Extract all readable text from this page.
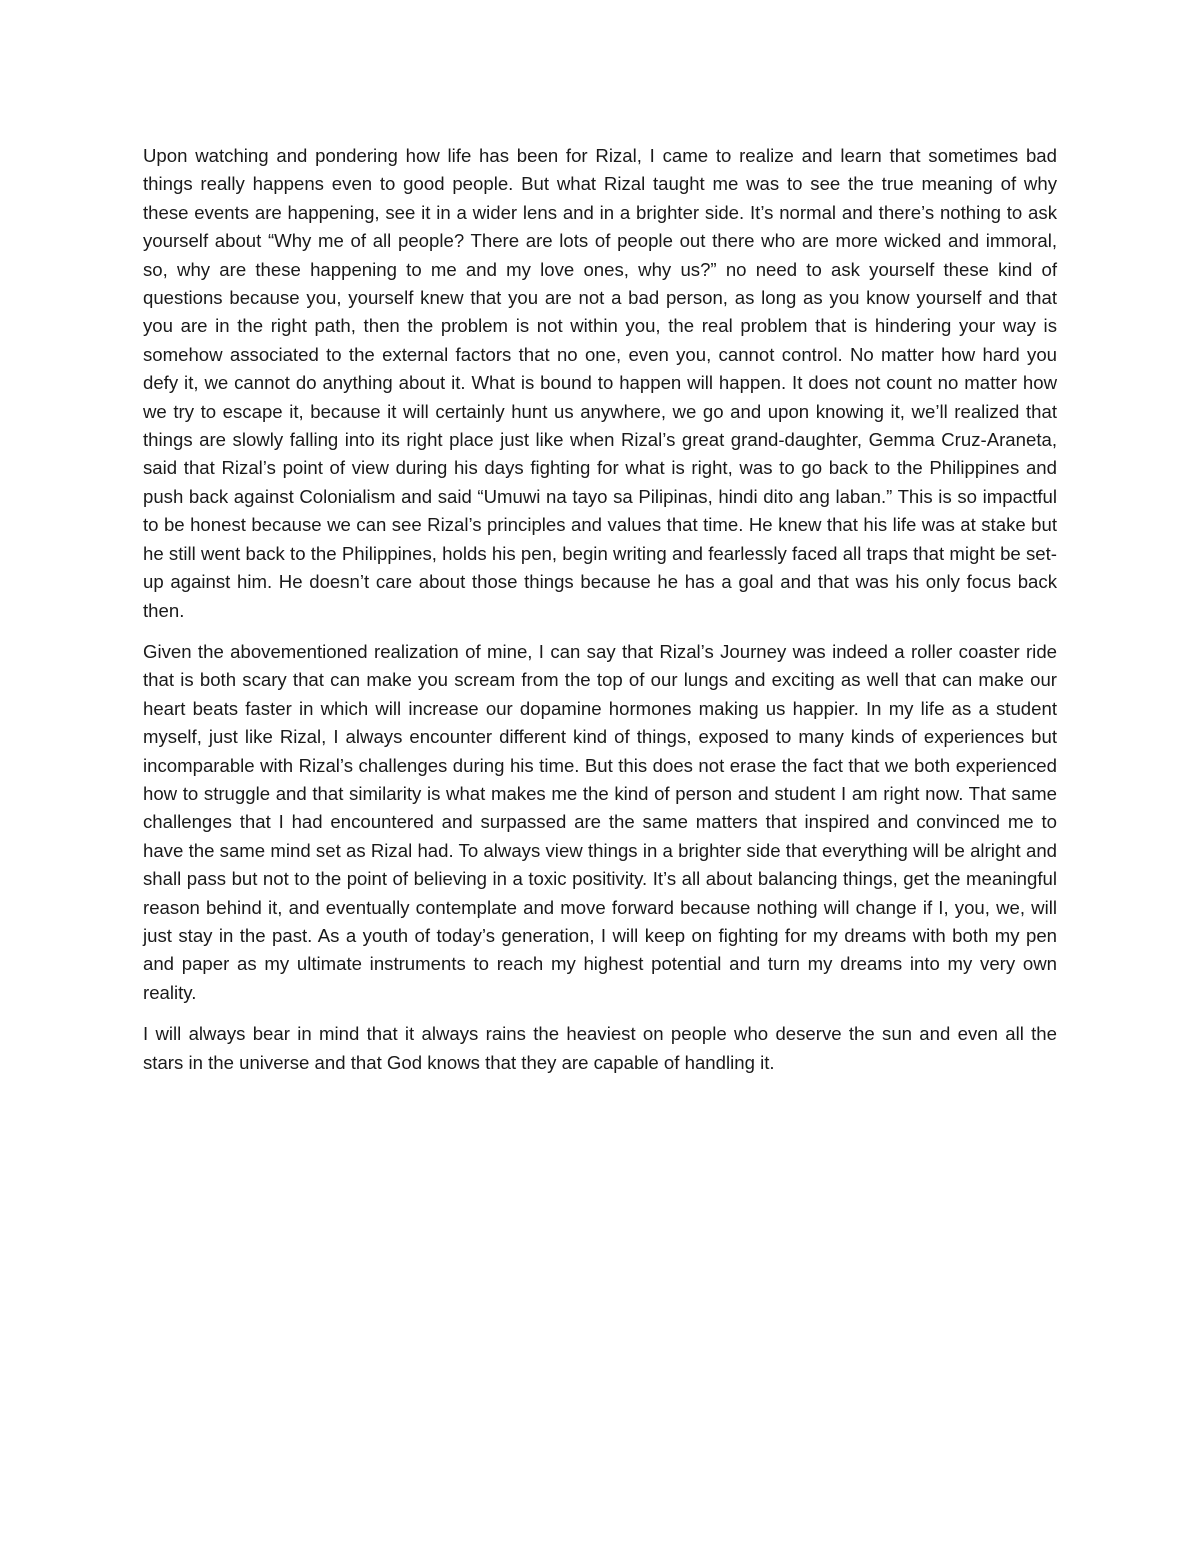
Upon watching and pondering how life has been for Rizal, I came to realize and learn that sometimes bad things really happens even to good people. But what Rizal taught me was to see the true meaning of why these events are happening, see it in a wider lens and in a brighter side. It’s normal and there’s nothing to ask yourself about “Why me of all people? There are lots of people out there who are more wicked and immoral, so, why are these happening to me and my love ones, why us?” no need to ask yourself these kind of questions because you, yourself knew that you are not a bad person, as long as you know yourself and that you are in the right path, then the problem is not within you, the real problem that is hindering your way is somehow associated to the external factors that no one, even you, cannot control. No matter how hard you defy it, we cannot do anything about it. What is bound to happen will happen. It does not count no matter how we try to escape it, because it will certainly hunt us anywhere, we go and upon knowing it, we’ll realized that things are slowly falling into its right place just like when Rizal’s great grand-daughter, Gemma Cruz-Araneta, said that Rizal’s point of view during his days fighting for what is right, was to go back to the Philippines and push back against Colonialism and said “Umuwi na tayo sa Pilipinas, hindi dito ang laban.” This is so impactful to be honest because we can see Rizal’s principles and values that time. He knew that his life was at stake but he still went back to the Philippines, holds his pen, begin writing and fearlessly faced all traps that might be set-up against him. He doesn’t care about those things because he has a goal and that was his only focus back then.

Given the abovementioned realization of mine, I can say that Rizal’s Journey was indeed a roller coaster ride that is both scary that can make you scream from the top of our lungs and exciting as well that can make our heart beats faster in which will increase our dopamine hormones making us happier. In my life as a student myself, just like Rizal, I always encounter different kind of things, exposed to many kinds of experiences but incomparable with Rizal’s challenges during his time. But this does not erase the fact that we both experienced how to struggle and that similarity is what makes me the kind of person and student I am right now. That same challenges that I had encountered and surpassed are the same matters that inspired and convinced me to have the same mind set as Rizal had. To always view things in a brighter side that everything will be alright and shall pass but not to the point of believing in a toxic positivity. It’s all about balancing things, get the meaningful reason behind it, and eventually contemplate and move forward because nothing will change if I, you, we, will just stay in the past. As a youth of today’s generation, I will keep on fighting for my dreams with both my pen and paper as my ultimate instruments to reach my highest potential and turn my dreams into my very own reality.

I will always bear in mind that it always rains the heaviest on people who deserve the sun and even all the stars in the universe and that God knows that they are capable of handling it.
